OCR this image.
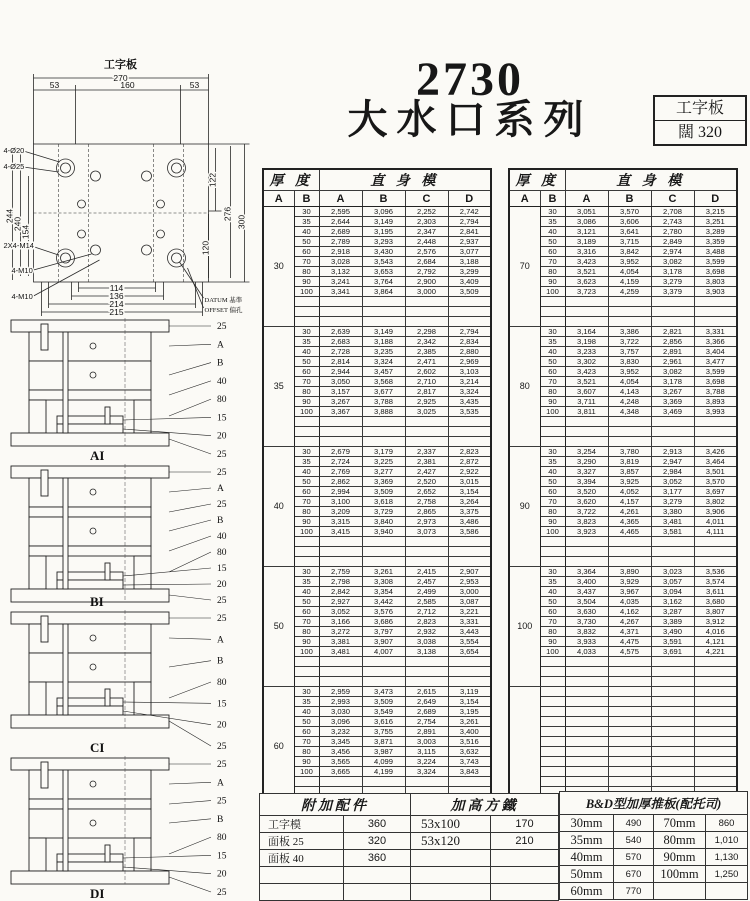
2730
大水口系列	工字板
闊 320
工字板
270
53	160	53
244
240
154
122
120
276
300
114
136
214
215
4-Ø20
4-Ø25
2X4-M14
4-M10
4-M10	DATUM 基準
OFFSET 偏孔
25
A
B
40
80
15
20
25
AI
25
A
25
B
40
80
15
20
25
BI
25
A
B
80
15
20
25
CI
25
A
25
B
80
15
20
25
DI
厚 度		直 身 模			
A	B	A	B	C	D
30	30	2,595	3,096	2,252	2,742
	35	2,644	3,149	2,303	2,794
	40	2,689	3,195	2,347	2,841
	50	2,789	3,293	2,448	2,937
	60	2,918	3,430	2,576	3,077
	70	3,028	3,543	2,684	3,188
	80	3,132	3,653	2,792	3,299
	90	3,241	3,764	2,900	3,409
	100	3,341	3,864	3,000	3,509

35	30	2,639	3,149	2,298	2,794
	35	2,683	3,188	2,342	2,834
	40	2,728	3,235	2,385	2,880
	50	2,814	3,324	2,471	2,969
	60	2,944	3,457	2,602	3,103
	70	3,050	3,568	2,710	3,214
	80	3,157	3,677	2,817	3,324
	90	3,267	3,788	2,925	3,435
	100	3,367	3,888	3,025	3,535

40	30	2,679	3,179	2,337	2,823
	35	2,724	3,225	2,381	2,872
	40	2,769	3,277	2,427	2,922
	50	2,862	3,369	2,520	3,015
	60	2,994	3,509	2,652	3,154
	70	3,100	3,618	2,758	3,264
	80	3,209	3,729	2,865	3,375
	90	3,315	3,840	2,973	3,486
	100	3,415	3,940	3,073	3,586

50	30	2,759	3,261	2,415	2,907
	35	2,798	3,308	2,457	2,953
	40	2,842	3,354	2,499	3,000
	50	2,927	3,442	2,585	3,087
	60	3,052	3,576	2,712	3,221
	70	3,166	3,686	2,823	3,331
	80	3,272	3,797	2,932	3,443
	90	3,381	3,907	3,038	3,554
	100	3,481	4,007	3,138	3,654

60	30	2,959	3,473	2,615	3,119
	35	2,993	3,509	2,649	3,154
	40	3,030	3,549	2,689	3,195
	50	3,096	3,616	2,754	3,261
	60	3,232	3,755	2,891	3,400
	70	3,345	3,871	3,003	3,516
	80	3,456	3,987	3,115	3,632
	90	3,565	4,099	3,224	3,743
	100	3,665	4,199	3,324	3,843

厚 度		直 身 模			
A	B	A	B	C	D
70	30	3,051	3,570	2,708	3,215
	35	3,086	3,606	2,743	3,251
	40	3,121	3,641	2,780	3,289
	50	3,189	3,715	2,849	3,359
	60	3,316	3,842	2,974	3,488
	70	3,423	3,952	3,082	3,599
	80	3,521	4,054	3,178	3,698
	90	3,623	4,159	3,279	3,803
	100	3,723	4,259	3,379	3,903

80	30	3,164	3,386	2,821	3,331
	35	3,198	3,722	2,856	3,366
	40	3,233	3,757	2,891	3,404
	50	3,302	3,830	2,961	3,477
	60	3,423	3,952	3,082	3,599
	70	3,521	4,054	3,178	3,698
	80	3,607	4,143	3,267	3,788
	90	3,711	4,248	3,369	3,893
	100	3,811	4,348	3,469	3,993

90	30	3,254	3,780	2,913	3,426
	35	3,290	3,819	2,947	3,464
	40	3,327	3,857	2,984	3,501
	50	3,394	3,925	3,052	3,570
	60	3,520	4,052	3,177	3,697
	70	3,620	4,157	3,279	3,802
	80	3,722	4,261	3,380	3,906
	90	3,823	4,365	3,481	4,011
	100	3,923	4,465	3,581	4,111

100	30	3,364	3,890	3,023	3,536
	35	3,400	3,929	3,057	3,574
	40	3,437	3,967	3,094	3,611
	50	3,504	4,035	3,162	3,680
	60	3,630	4,162	3,287	3,807
	70	3,730	4,267	3,389	3,912
	80	3,832	4,371	3,490	4,016
	90	3,933	4,475	3,591	4,121
	100	4,033	4,575	3,691	4,221

附加配件		加高方鐵	
工字模	360	53x100	170
面板 25	320	53x120	210
面板 40	360		

B&D型加厚推板(配托司)			
30mm	490	70mm	860
35mm	540	80mm	1,010
40mm	570	90mm	1,130
50mm	670	100mm	1,250
60mm	770		
